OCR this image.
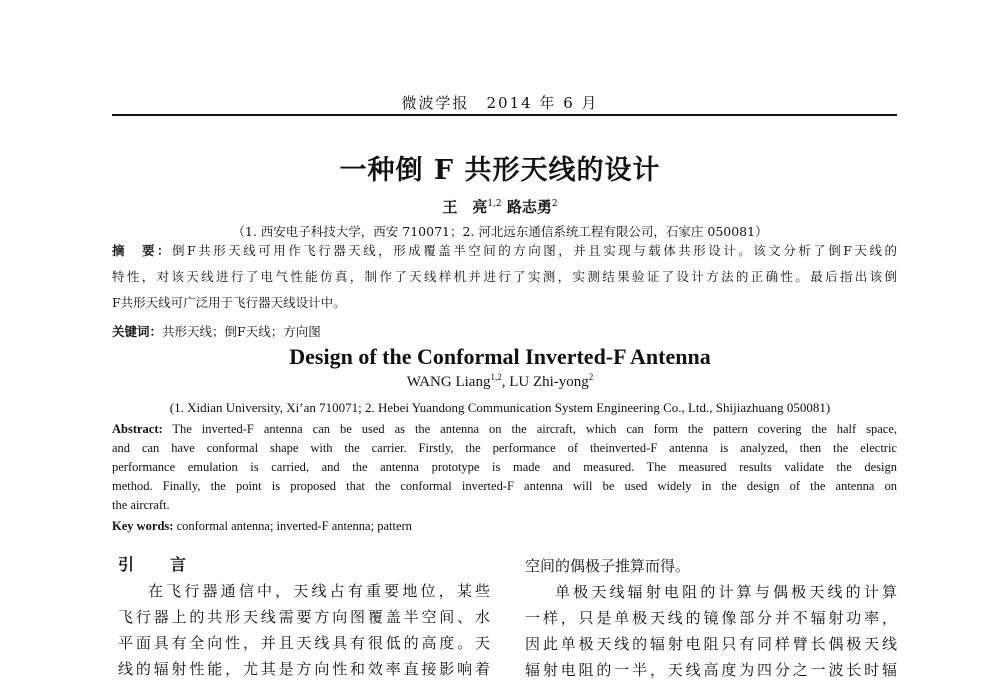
微波学报　2014 年 6 月
一种倒 F 共形天线的设计
王　亮$^{1,2}$ 路志勇$^2$
（1. 西安电子科技大学，西安 710071；2. 河北远东通信系统工程有限公司，石家庄 050081）
摘　要：倒F共形天线可用作飞行器天线，形成覆盖半空间的方向图，并且实现与载体共形设计。该文分析了倒F天线的
特性，对该天线进行了电气性能仿真，制作了天线样机并进行了实测，实测结果验证了设计方法的正确性。最后指出该倒
F共形天线可广泛用于飞行器天线设计中。
关键词：共形天线；倒F天线；方向图
Design of the Conformal Inverted-F Antenna
WANG Liang$^{1,2}$, LU Zhi-yong$^2$
(1. Xidian University, Xi’an 710071; 2. Hebei Yuandong Communication System Engineering Co., Ltd., Shijiazhuang 050081)
Abstract: The inverted-F antenna can be used as the antenna on the aircraft, which can form the pattern covering the half space,
and can have conformal shape with the carrier. Firstly, the performance of theinverted-F antenna is analyzed, then the electric
performance emulation is carried, and the antenna prototype is made and measured. The measured results validate the design
method. Finally, the point is proposed that the conformal inverted-F antenna will be used widely in the design of the antenna on
the aircraft.
Key words: conformal antenna; inverted-F antenna; pattern
引　言
在飞行器通信中，天线占有重要地位，某些
飞行器上的共形天线需要方向图覆盖半空间、水
平面具有全向性，并且天线具有很低的高度。天
线的辐射性能，尤其是方向性和效率直接影响着
空间的偶极子推算而得。
单极天线辐射电阻的计算与偶极天线的计算
一样，只是单极天线的镜像部分并不辐射功率，
因此单极天线的辐射电阻只有同样臂长偶极天线
辐射电阻的一半，天线高度为四分之一波长时辐
